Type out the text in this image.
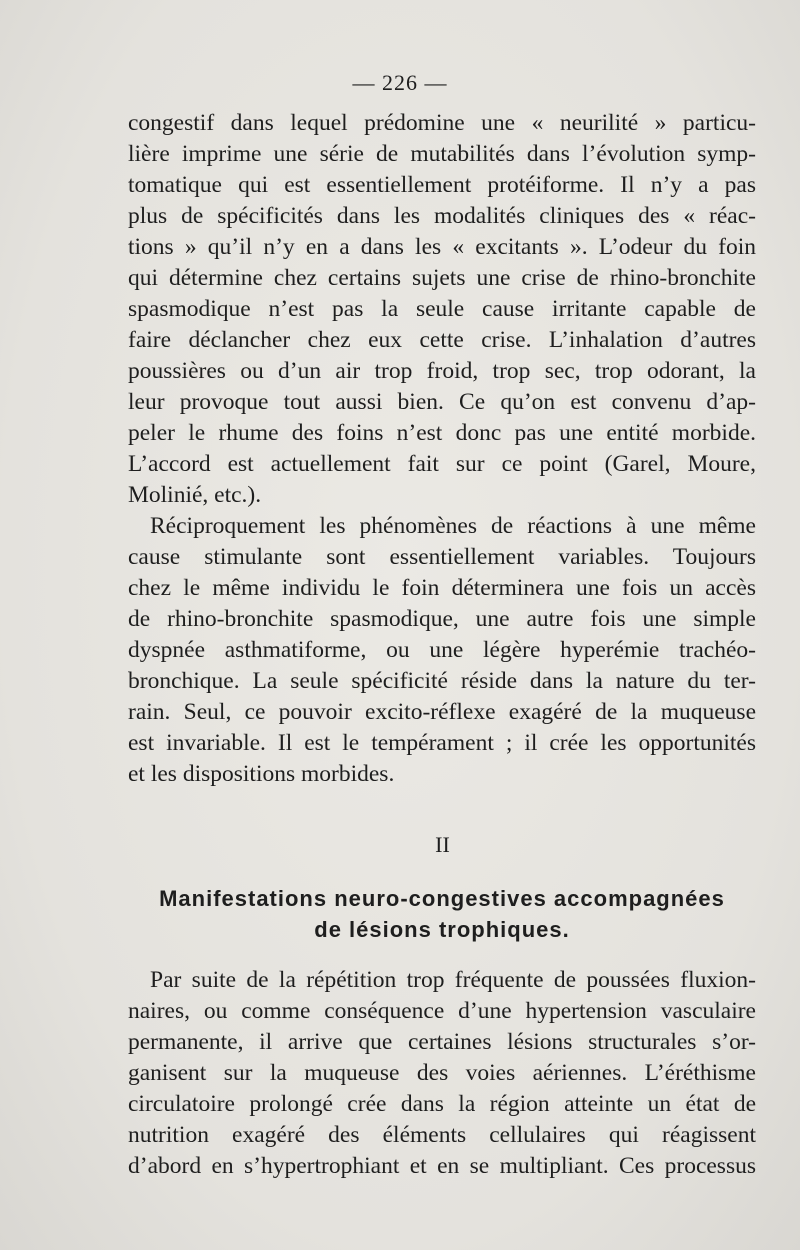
— 226 —
congestif dans lequel prédomine une « neurilité » particu-
lière imprime une série de mutabilités dans l’évolution symp-
tomatique qui est essentiellement protéiforme. Il n’y a pas
plus de spécificités dans les modalités cliniques des « réac-
tions » qu’il n’y en a dans les « excitants ». L’odeur du foin
qui détermine chez certains sujets une crise de rhino-bronchite
spasmodique n’est pas la seule cause irritante capable de
faire déclancher chez eux cette crise. L’inhalation d’autres
poussières ou d’un air trop froid, trop sec, trop odorant, la
leur provoque tout aussi bien. Ce qu’on est convenu d’ap-
peler le rhume des foins n’est donc pas une entité morbide.
L’accord est actuellement fait sur ce point (Garel, Moure,
Molinié, etc.).
Réciproquement les phénomènes de réactions à une même
cause stimulante sont essentiellement variables. Toujours
chez le même individu le foin déterminera une fois un accès
de rhino-bronchite spasmodique, une autre fois une simple
dyspnée asthmatiforme, ou une légère hyperémie trachéo-
bronchique. La seule spécificité réside dans la nature du ter-
rain. Seul, ce pouvoir excito-réflexe exagéré de la muqueuse
est invariable. Il est le tempérament ; il crée les opportunités
et les dispositions morbides.
II
Manifestations neuro-congestives accompagnées
de lésions trophiques.
Par suite de la répétition trop fréquente de poussées fluxion-
naires, ou comme conséquence d’une hypertension vasculaire
permanente, il arrive que certaines lésions structurales s’or-
ganisent sur la muqueuse des voies aériennes. L’éréthisme
circulatoire prolongé crée dans la région atteinte un état de
nutrition exagéré des éléments cellulaires qui réagissent
d’abord en s’hypertrophiant et en se multipliant. Ces processus
